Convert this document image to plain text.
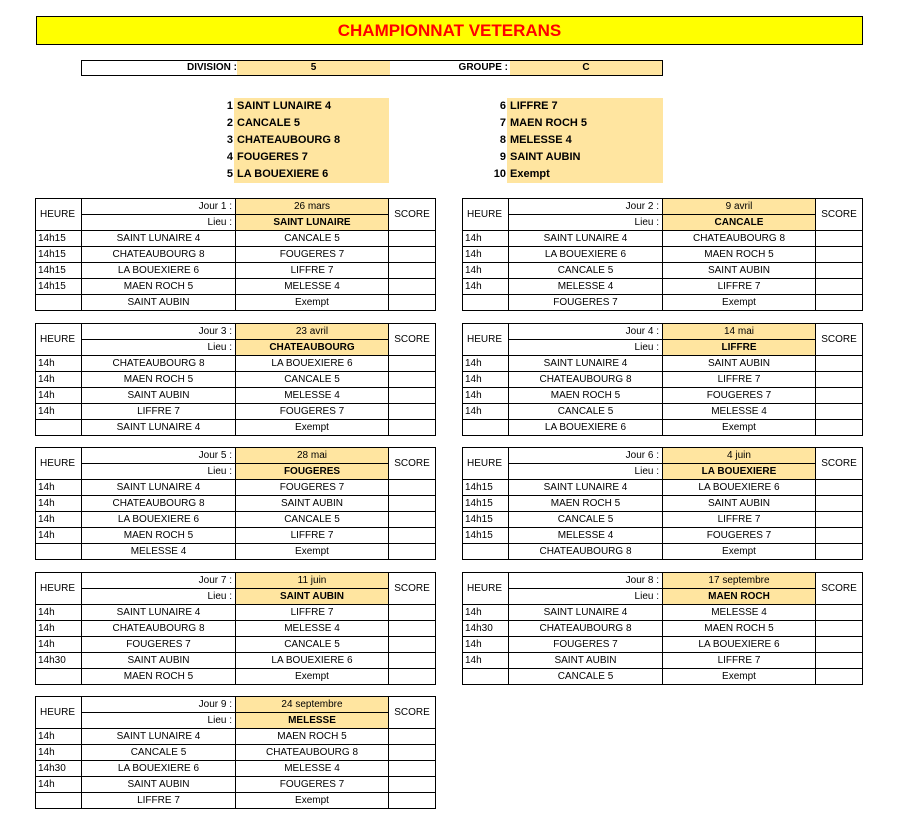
CHAMPIONNAT VETERANS
DIVISION :	5	GROUPE :	C
1 SAINT LUNAIRE 4
2 CANCALE 5
3 CHATEAUBOURG 8
4 FOUGERES 7
5 LA BOUEXIERE 6
6 LIFFRE 7
7 MAEN ROCH 5
8 MELESSE 4
9 SAINT AUBIN
10 Exempt
HEURE	Jour 1 :	26 mars	SCORE
	Lieu :	SAINT LUNAIRE	
14h15	SAINT LUNAIRE 4	CANCALE 5	
14h15	CHATEAUBOURG 8	FOUGERES 7	
14h15	LA BOUEXIERE 6	LIFFRE 7	
14h15	MAEN ROCH 5	MELESSE 4	
	SAINT AUBIN	Exempt	
HEURE	Jour 2 :	9 avril	SCORE
	Lieu :	CANCALE	
14h	SAINT LUNAIRE 4	CHATEAUBOURG 8	
14h	LA BOUEXIERE 6	MAEN ROCH 5	
14h	CANCALE 5	SAINT AUBIN	
14h	MELESSE 4	LIFFRE 7	
	FOUGERES 7	Exempt	
HEURE	Jour 3 :	23 avril	SCORE
	Lieu :	CHATEAUBOURG	
14h	CHATEAUBOURG 8	LA BOUEXIERE 6	
14h	MAEN ROCH 5	CANCALE 5	
14h	SAINT AUBIN	MELESSE 4	
14h	LIFFRE 7	FOUGERES 7	
	SAINT LUNAIRE 4	Exempt	
HEURE	Jour 4 :	14 mai	SCORE
	Lieu :	LIFFRE	
14h	SAINT LUNAIRE 4	SAINT AUBIN	
14h	CHATEAUBOURG 8	LIFFRE 7	
14h	MAEN ROCH 5	FOUGERES 7	
14h	CANCALE 5	MELESSE 4	
	LA BOUEXIERE 6	Exempt	
HEURE	Jour 5 :	28 mai	SCORE
	Lieu :	FOUGERES	
14h	SAINT LUNAIRE 4	FOUGERES 7	
14h	CHATEAUBOURG 8	SAINT AUBIN	
14h	LA BOUEXIERE 6	CANCALE 5	
14h	MAEN ROCH 5	LIFFRE 7	
	MELESSE 4	Exempt	
HEURE	Jour 6 :	4 juin	SCORE
	Lieu :	LA BOUEXIERE	
14h15	SAINT LUNAIRE 4	LA BOUEXIERE 6	
14h15	MAEN ROCH 5	SAINT AUBIN	
14h15	CANCALE 5	LIFFRE 7	
14h15	MELESSE 4	FOUGERES 7	
	CHATEAUBOURG 8	Exempt	
HEURE	Jour 7 :	11 juin	SCORE
	Lieu :	SAINT AUBIN	
14h	SAINT LUNAIRE 4	LIFFRE 7	
14h	CHATEAUBOURG 8	MELESSE 4	
14h	FOUGERES 7	CANCALE 5	
14h30	SAINT AUBIN	LA BOUEXIERE 6	
	MAEN ROCH 5	Exempt	
HEURE	Jour 8 :	17 septembre	SCORE
	Lieu :	MAEN ROCH	
14h	SAINT LUNAIRE 4	MELESSE 4	
14h30	CHATEAUBOURG 8	MAEN ROCH 5	
14h	FOUGERES 7	LA BOUEXIERE 6	
14h	SAINT AUBIN	LIFFRE 7	
	CANCALE 5	Exempt	
HEURE	Jour 9 :	24 septembre	SCORE
	Lieu :	MELESSE	
14h	SAINT LUNAIRE 4	MAEN ROCH 5	
14h	CANCALE 5	CHATEAUBOURG 8	
14h30	LA BOUEXIERE 6	MELESSE 4	
14h	SAINT AUBIN	FOUGERES 7	
	LIFFRE 7	Exempt	
